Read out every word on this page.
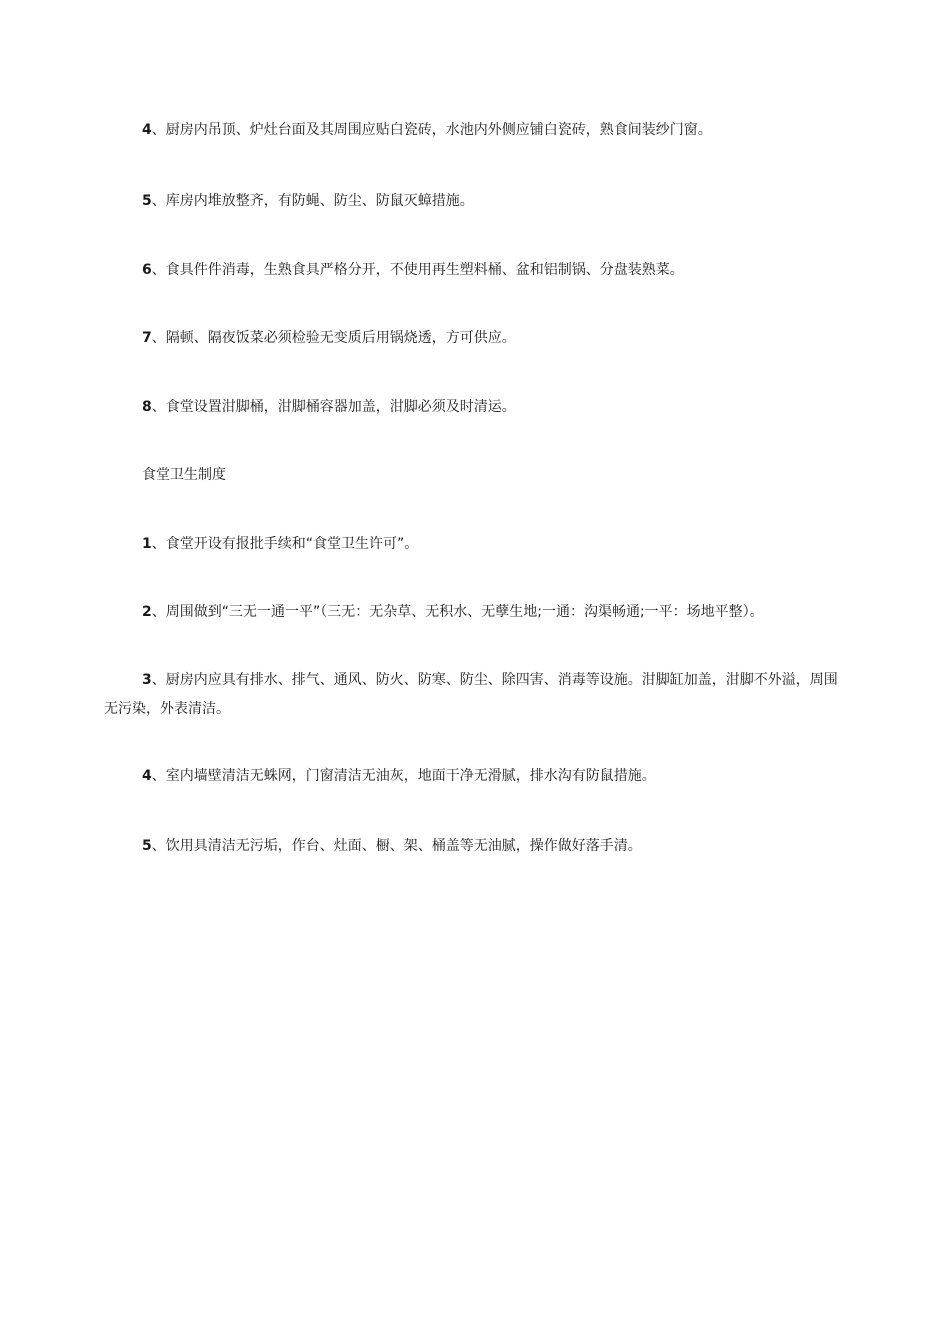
4、厨房内吊顶、炉灶台面及其周围应贴白瓷砖，水池内外侧应铺白瓷砖，熟食间装纱门窗。
5、库房内堆放整齐，有防蝇、防尘、防鼠灭蟑措施。
6、食具件件消毒，生熟食具严格分开，不使用再生塑料桶、盆和铝制锅、分盘装熟菜。
7、隔顿、隔夜饭菜必须检验无变质后用锅烧透，方可供应。
8、食堂设置泔脚桶，泔脚桶容器加盖，泔脚必须及时清运。
食堂卫生制度
1、食堂开设有报批手续和“食堂卫生许可”。
2、周围做到“三无一通一平”（三无：无杂草、无积水、无孽生地;一通：沟渠畅通;一平：场地平整）。
3、厨房内应具有排水、排气、通风、防火、防寒、防尘、除四害、消毒等设施。泔脚缸加盖，泔脚不外溢，周围无污染，外表清洁。
4、室内墙壁清洁无蛛网，门窗清洁无油灰，地面干净无滑腻，排水沟有防鼠措施。
5、饮用具清洁无污垢，作台、灶面、橱、架、桶盖等无油腻，操作做好落手清。
